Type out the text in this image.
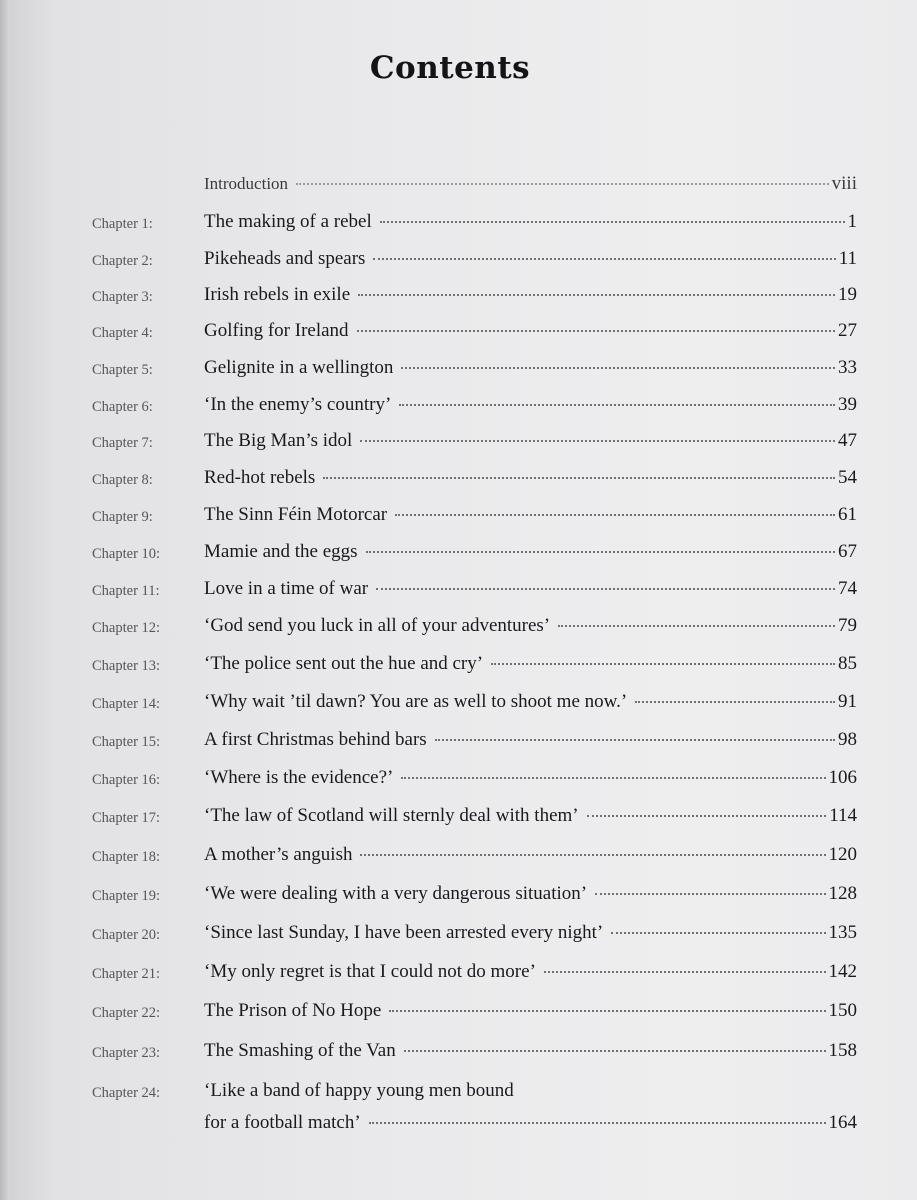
Contents
Introduction	viii
Chapter 1:	The making of a rebel	1
Chapter 2:	Pikeheads and spears	11
Chapter 3:	Irish rebels in exile	19
Chapter 4:	Golfing for Ireland	27
Chapter 5:	Gelignite in a wellington	33
Chapter 6:	‘In the enemy’s country’	39
Chapter 7:	The Big Man’s idol	47
Chapter 8:	Red-hot rebels	54
Chapter 9:	The Sinn Féin Motorcar	61
Chapter 10: Mamie and the eggs	67
Chapter 11: Love in a time of war	74
Chapter 12: ‘God send you luck in all of your adventures’	79
Chapter 13: ‘The police sent out the hue and cry’	85
Chapter 14: ‘Why wait ’til dawn? You are as well to shoot me now.’	91
Chapter 15: A first Christmas behind bars	98
Chapter 16: ‘Where is the evidence?’	106
Chapter 17: ‘The law of Scotland will sternly deal with them’	114
Chapter 18: A mother’s anguish	120
Chapter 19: ‘We were dealing with a very dangerous situation’	128
Chapter 20: ‘Since last Sunday, I have been arrested every night’	135
Chapter 21: ‘My only regret is that I could not do more’	142
Chapter 22: The Prison of No Hope	150
Chapter 23: The Smashing of the Van	158
Chapter 24: ‘Like a band of happy young men bound
for a football match’	164
